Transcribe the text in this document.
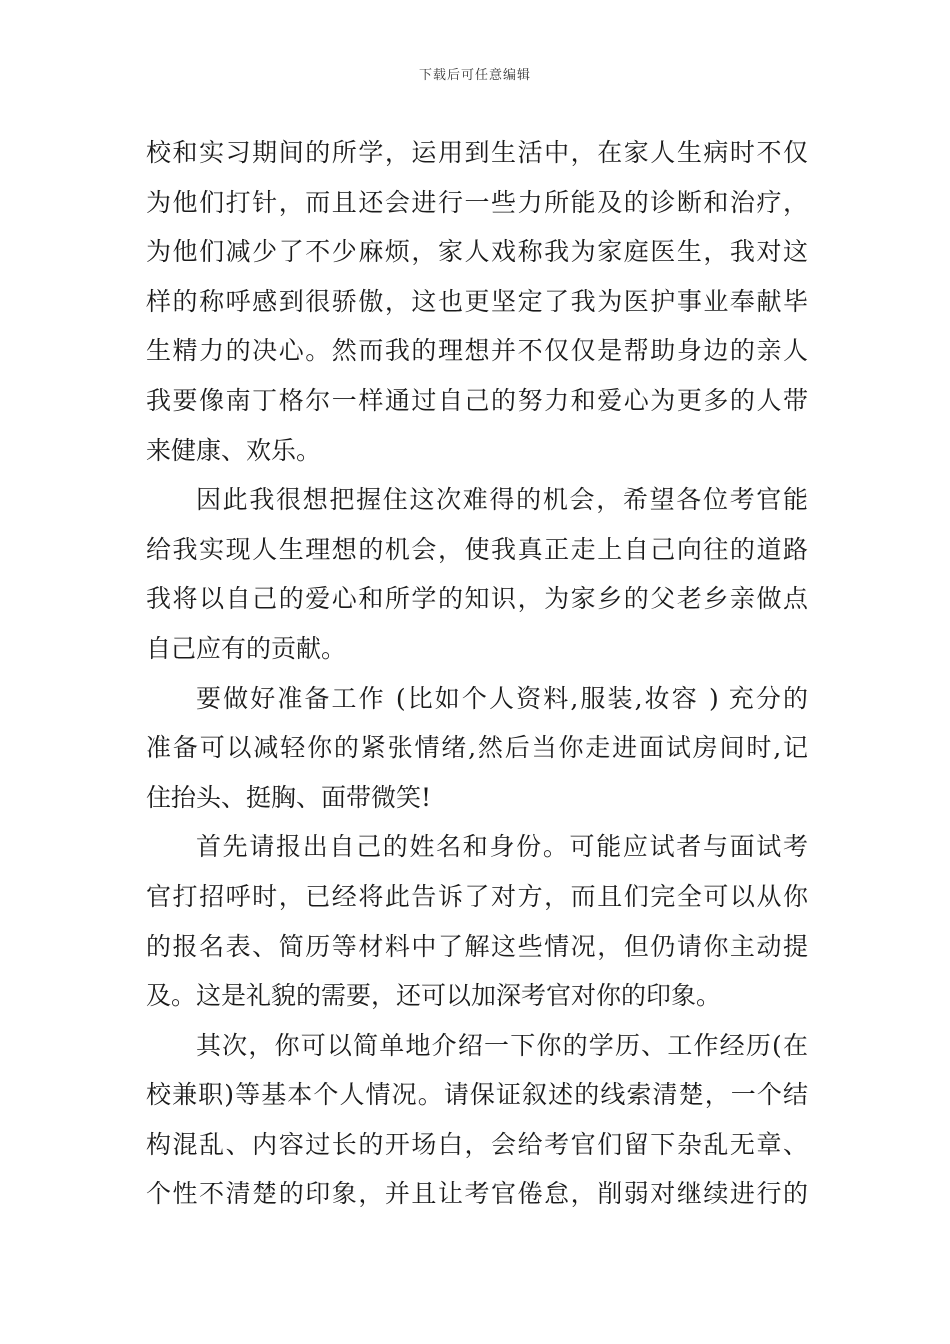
下载后可任意编辑
校和实习期间的所学，运用到生活中，在家人生病时不仅
为他们打针，而且还会进行一些力所能及的诊断和治疗，
为他们减少了不少麻烦，家人戏称我为家庭医生，我对这
样的称呼感到很骄傲，这也更坚定了我为医护事业奉献毕
生精力的决心。然而我的理想并不仅仅是帮助身边的亲人
我要像南丁格尔一样通过自己的努力和爱心为更多的人带
来健康、欢乐。
因此我很想把握住这次难得的机会，希望各位考官能
给我实现人生理想的机会，使我真正走上自己向往的道路
我将以自己的爱心和所学的知识，为家乡的父老乡亲做点
自己应有的贡献。
要做好准备工作 (比如个人资料,服装,妆容 ) 充分的
准备可以减轻你的紧张情绪,然后当你走进面试房间时,记
住抬头、挺胸、面带微笑!
首先请报出自己的姓名和身份。可能应试者与面试考
官打招呼时，已经将此告诉了对方，而且们完全可以从你
的报名表、简历等材料中了解这些情况，但仍请你主动提
及。这是礼貌的需要，还可以加深考官对你的印象。
其次，你可以简单地介绍一下你的学历、工作经历(在
校兼职)等基本个人情况。请保证叙述的线索清楚，一个结
构混乱、内容过长的开场白，会给考官们留下杂乱无章、
个性不清楚的印象，并且让考官倦怠，削弱对继续进行的
